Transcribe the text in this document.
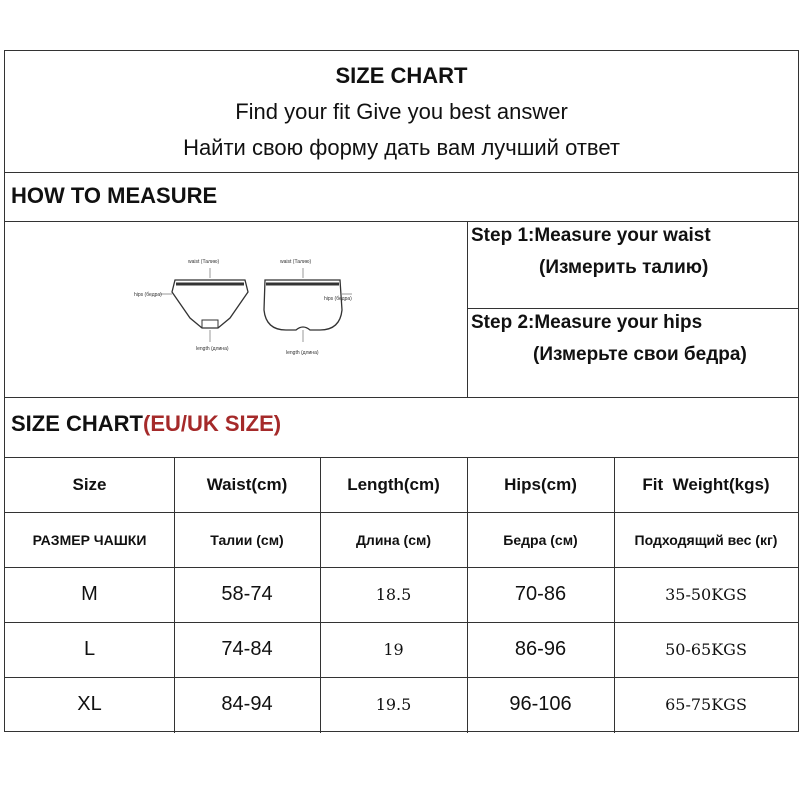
SIZE CHART
Find your fit Give you best answer
Найти свою форму дать вам лучший ответ
HOW TO MEASURE
Step 1:Measure your waist
(Измерить талию)
Step 2:Measure your hips
(Измерьте свои бедра)
SIZE CHART(EU/UK SIZE)
Size	Waist(cm)	Length(cm)	Hips(cm)	Fit  Weight(kgs)
РАЗМЕР ЧАШКИ	Талии (см)	Длина (см)	Бедра (см)	Подходящий вес (кг)
M	58-74	18.5	70-86	35-50KGS
L	74-84	19	86-96	50-65KGS
XL	84-94	19.5	96-106	65-75KGS
waist (Талию)
hips (бедра)
length (длина)
waist (Талию)
hips (бедра)
length (длина)
